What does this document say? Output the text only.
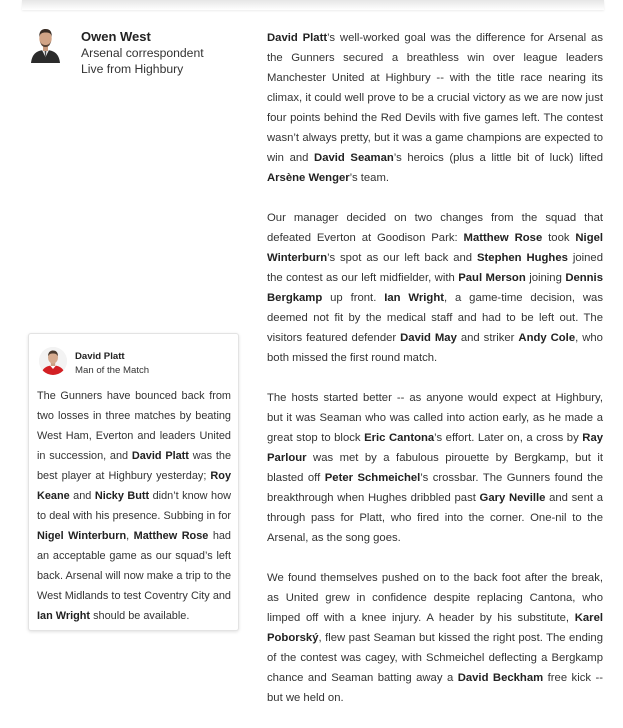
Owen West
Arsenal correspondent
Live from Highbury

David Platt’s well-worked goal was the difference for Arsenal as the Gunners secured a breathless win over league leaders Manchester United at Highbury -- with the title race nearing its climax, it could well prove to be a crucial victory as we are now just four points behind the Red Devils with five games left. The contest wasn’t always pretty, but it was a game champions are expected to win and David Seaman’s heroics (plus a little bit of luck) lifted Arsène Wenger’s team.

Our manager decided on two changes from the squad that defeated Everton at Goodison Park: Matthew Rose took Nigel Winterburn’s spot as our left back and Stephen Hughes joined the contest as our left midfielder, with Paul Merson joining Dennis Bergkamp up front. Ian Wright, a game-time decision, was deemed not fit by the medical staff and had to be left out. The visitors featured defender David May and striker Andy Cole, who both missed the first round match.

The hosts started better -- as anyone would expect at Highbury, but it was Seaman who was called into action early, as he made a great stop to block Eric Cantona’s effort. Later on, a cross by Ray Parlour was met by a fabulous pirouette by Bergkamp, but it blasted off Peter Schmeichel’s crossbar. The Gunners found the breakthrough when Hughes dribbled past Gary Neville and sent a through pass for Platt, who fired into the corner. One-nil to the Arsenal, as the song goes.

We found themselves pushed on to the back foot after the break, as United grew in confidence despite replacing Cantona, who limped off with a knee injury. A header by his substitute, Karel Poborský, flew past Seaman but kissed the right post. The ending of the contest was cagey, with Schmeichel deflecting a Bergkamp chance and Seaman batting away a David Beckham free kick -- but we held on.

David Platt
Man of the Match
The Gunners have bounced back from two losses in three matches by beating West Ham, Everton and leaders United in succession, and David Platt was the best player at Highbury yesterday; Roy Keane and Nicky Butt didn’t know how to deal with his presence. Subbing in for Nigel Winterburn, Matthew Rose had an acceptable game as our squad’s left back. Arsenal will now make a trip to the West Midlands to test Coventry City and Ian Wright should be available.
